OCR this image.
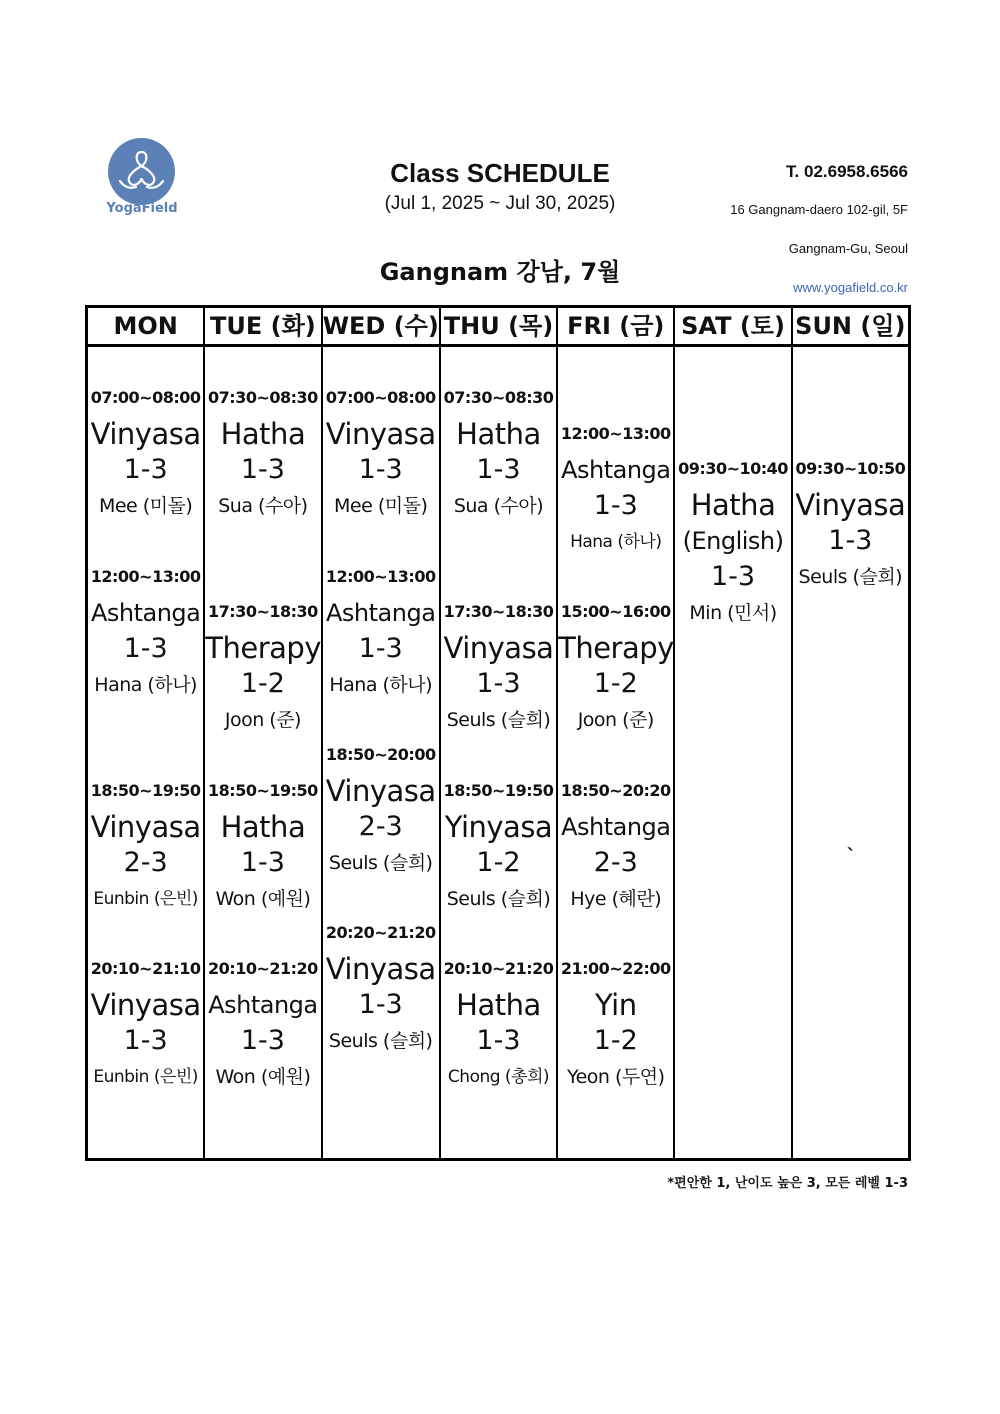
YogaField
Class SCHEDULE
(Jul 1, 2025 ~ Jul 30, 2025)
Gangnam 강남, 7월
T. 02.6958.6566
16 Gangnam-daero 102-gil, 5F
Gangnam-Gu, Seoul
www.yogafield.co.kr
MON
07:00~08:00
Vinyasa
1-3
Mee (미돌)
12:00~13:00
Ashtanga
1-3
Hana (하나)
18:50~19:50
Vinyasa
2-3
Eunbin (은빈)
20:10~21:10
Vinyasa
1-3
Eunbin (은빈)
TUE (화)
07:30~08:30
Hatha
1-3
Sua (수아)
17:30~18:30
Therapy
1-2
Joon (준)
18:50~19:50
Hatha
1-3
Won (예원)
20:10~21:20
Ashtanga
1-3
Won (예원)
WED (수)
07:00~08:00
Vinyasa
1-3
Mee (미돌)
12:00~13:00
Ashtanga
1-3
Hana (하나)
18:50~20:00
Vinyasa
2-3
Seuls (슬희)
20:20~21:20
Vinyasa
1-3
Seuls (슬희)
THU (목)
07:30~08:30
Hatha
1-3
Sua (수아)
17:30~18:30
Vinyasa
1-3
Seuls (슬희)
18:50~19:50
Yinyasa
1-2
Seuls (슬희)
20:10~21:20
Hatha
1-3
Chong (총희)
FRI (금)
12:00~13:00
Ashtanga
1-3
Hana (하나)
15:00~16:00
Therapy
1-2
Joon (준)
18:50~20:20
Ashtanga
2-3
Hye (혜란)
21:00~22:00
Yin
1-2
Yeon (두연)
SAT (토)
09:30~10:40
Hatha
(English)
1-3
Min (민서)
SUN (일)
09:30~10:50
Vinyasa
1-3
Seuls (슬희)
`
*편안한 1, 난이도 높은 3, 모든 레벨 1-3
